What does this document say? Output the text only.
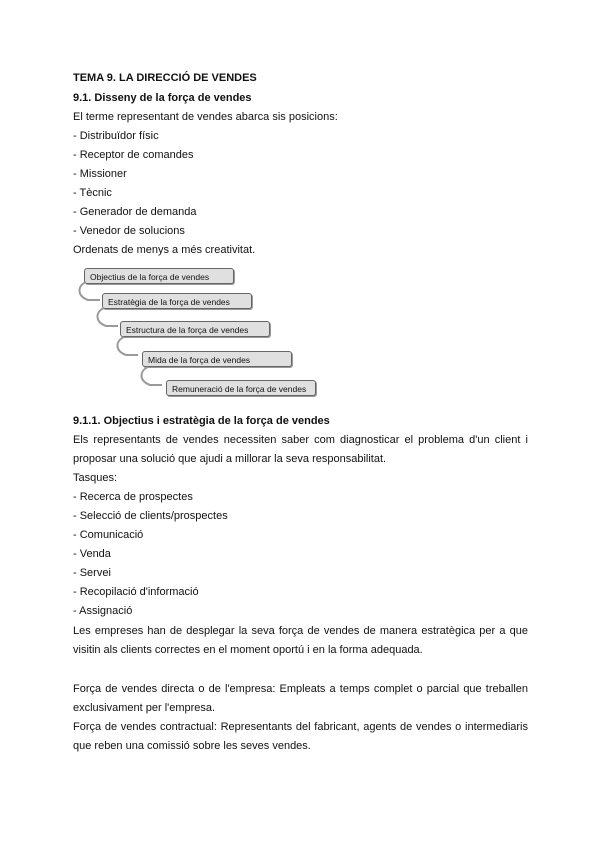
TEMA 9. LA DIRECCIÓ DE VENDES
9.1. Disseny de la força de vendes
El terme representant de vendes abarca sis posicions:
- Distribuïdor físic
- Receptor de comandes
- Missioner
- Tècnic
- Generador de demanda
- Venedor de solucions
Ordenats de menys a més creativitat.
Objectius de la força de vendes
Estratègia de la força de vendes
Estructura de la força de vendes
Mida de la força de vendes
Remuneració de la força de vendes
9.1.1. Objectius i estratègia de la força de vendes
Els representants de vendes necessiten saber com diagnosticar el problema d'un client i
proposar una solució que ajudi a millorar la seva responsabilitat.
Tasques:
- Recerca de prospectes
- Selecció de clients/prospectes
- Comunicació
- Venda
- Servei
- Recopilació d'informació
- Assignació
Les empreses han de desplegar la seva força de vendes de manera estratègica per a que
visitin als clients correctes en el moment oportú i en la forma adequada.
Força de vendes directa o de l'empresa: Empleats a temps complet o parcial que treballen
exclusivament per l'empresa.
Força de vendes contractual: Representants del fabricant, agents de vendes o intermediaris
que reben una comissió sobre les seves vendes.
